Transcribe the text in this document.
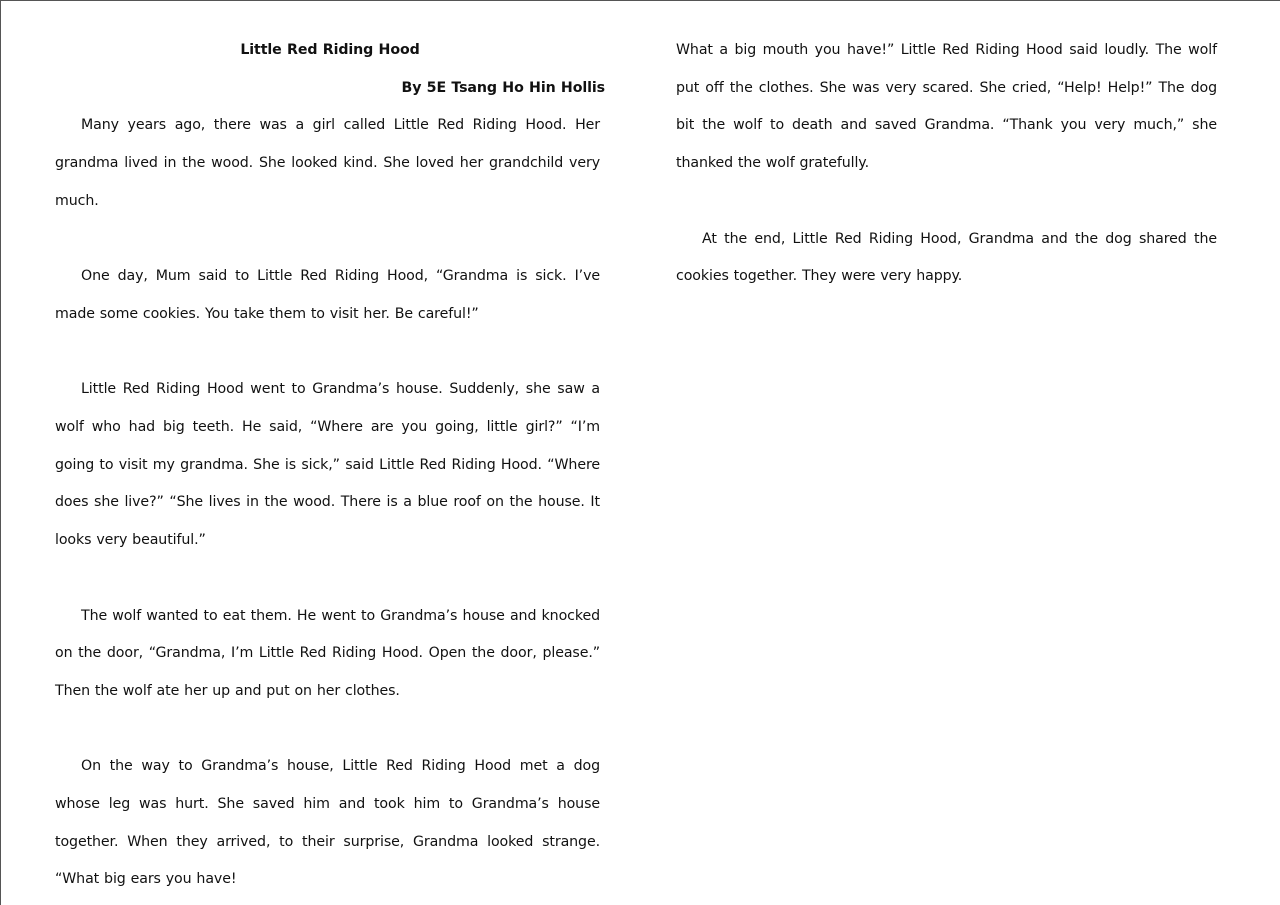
Little Red Riding Hood

By 5E Tsang Ho Hin Hollis

Many years ago, there was a girl called Little Red Riding Hood. Her grandma lived in the wood. She looked kind. She loved her grandchild very much.

One day, Mum said to Little Red Riding Hood, “Grandma is sick. I’ve made some cookies. You take them to visit her. Be careful!”

Little Red Riding Hood went to Grandma’s house. Suddenly, she saw a wolf who had big teeth. He said, “Where are you going, little girl?” “I’m going to visit my grandma. She is sick,” said Little Red Riding Hood. “Where does she live?” “She lives in the wood. There is a blue roof on the house. It looks very beautiful.”

The wolf wanted to eat them. He went to Grandma’s house and knocked on the door, “Grandma, I’m Little Red Riding Hood. Open the door, please.” Then the wolf ate her up and put on her clothes.

On the way to Grandma’s house, Little Red Riding Hood met a dog whose leg was hurt. She saved him and took him to Grandma’s house together. When they arrived, to their surprise, Grandma looked strange. “What big ears you have!

What a big mouth you have!” Little Red Riding Hood said loudly. The wolf put off the clothes. She was very scared. She cried, “Help! Help!” The dog bit the wolf to death and saved Grandma. “Thank you very much,” she thanked the wolf gratefully.

At the end, Little Red Riding Hood, Grandma and the dog shared the cookies together. They were very happy.
